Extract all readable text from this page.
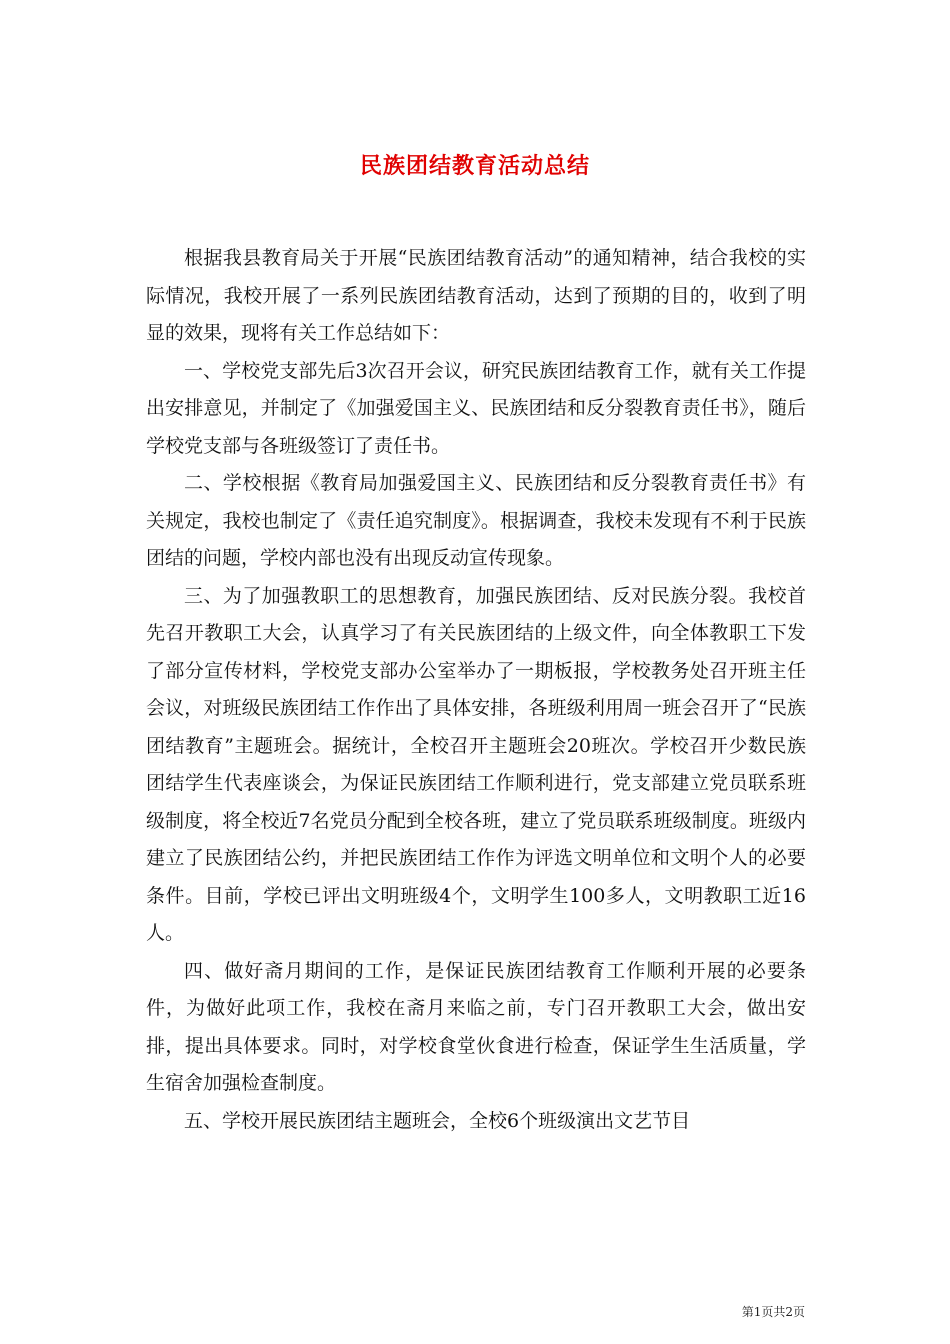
民族团结教育活动总结

根据我县教育局关于开展“民族团结教育活动”的通知精神，结合我校的实际情况，我校开展了一系列民族团结教育活动，达到了预期的目的，收到了明显的效果，现将有关工作总结如下：

一、学校党支部先后3次召开会议，研究民族团结教育工作，就有关工作提出安排意见，并制定了《加强爱国主义、民族团结和反分裂教育责任书》，随后学校党支部与各班级签订了责任书。

二、学校根据《教育局加强爱国主义、民族团结和反分裂教育责任书》有关规定，我校也制定了《责任追究制度》。根据调查，我校未发现有不利于民族团结的问题，学校内部也没有出现反动宣传现象。

三、为了加强教职工的思想教育，加强民族团结、反对民族分裂。我校首先召开教职工大会，认真学习了有关民族团结的上级文件，向全体教职工下发了部分宣传材料，学校党支部办公室举办了一期板报，学校教务处召开班主任会议，对班级民族团结工作作出了具体安排，各班级利用周一班会召开了“民族团结教育”主题班会。据统计，全校召开主题班会20班次。学校召开少数民族团结学生代表座谈会，为保证民族团结工作顺利进行，党支部建立党员联系班级制度，将全校近7名党员分配到全校各班，建立了党员联系班级制度。班级内建立了民族团结公约，并把民族团结工作作为评选文明单位和文明个人的必要条件。目前，学校已评出文明班级4个，文明学生100多人，文明教职工近16人。

四、做好斋月期间的工作，是保证民族团结教育工作顺利开展的必要条件，为做好此项工作，我校在斋月来临之前，专门召开教职工大会，做出安排，提出具体要求。同时，对学校食堂伙食进行检查，保证学生生活质量，学生宿舍加强检查制度。

五、学校开展民族团结主题班会，全校6个班级演出文艺节目

第1页共2页
